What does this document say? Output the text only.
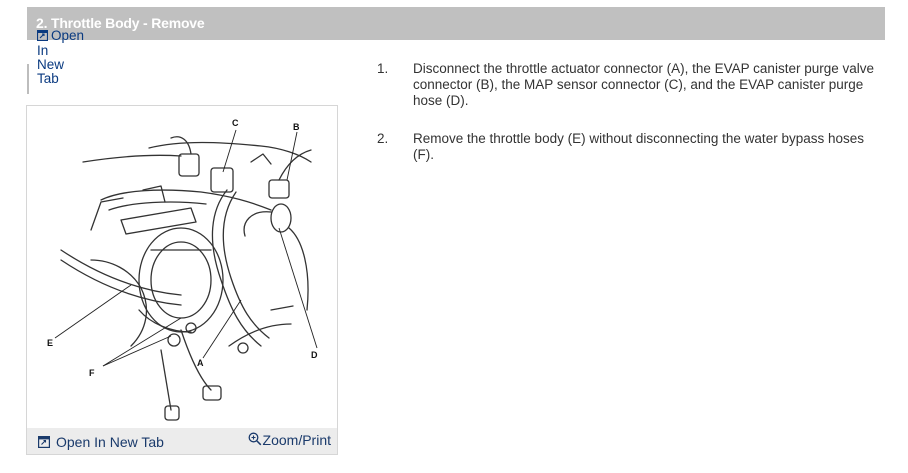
2. Throttle Body - Remove
Open
In
New
Tab
C	B
E
F
A
D
Open In New Tab	Zoom/Print
1. Disconnect the throttle actuator connector (A), the EVAP canister purge valve connector (B), the MAP sensor connector (C), and the EVAP canister purge hose (D).
2. Remove the throttle body (E) without disconnecting the water bypass hoses (F).
